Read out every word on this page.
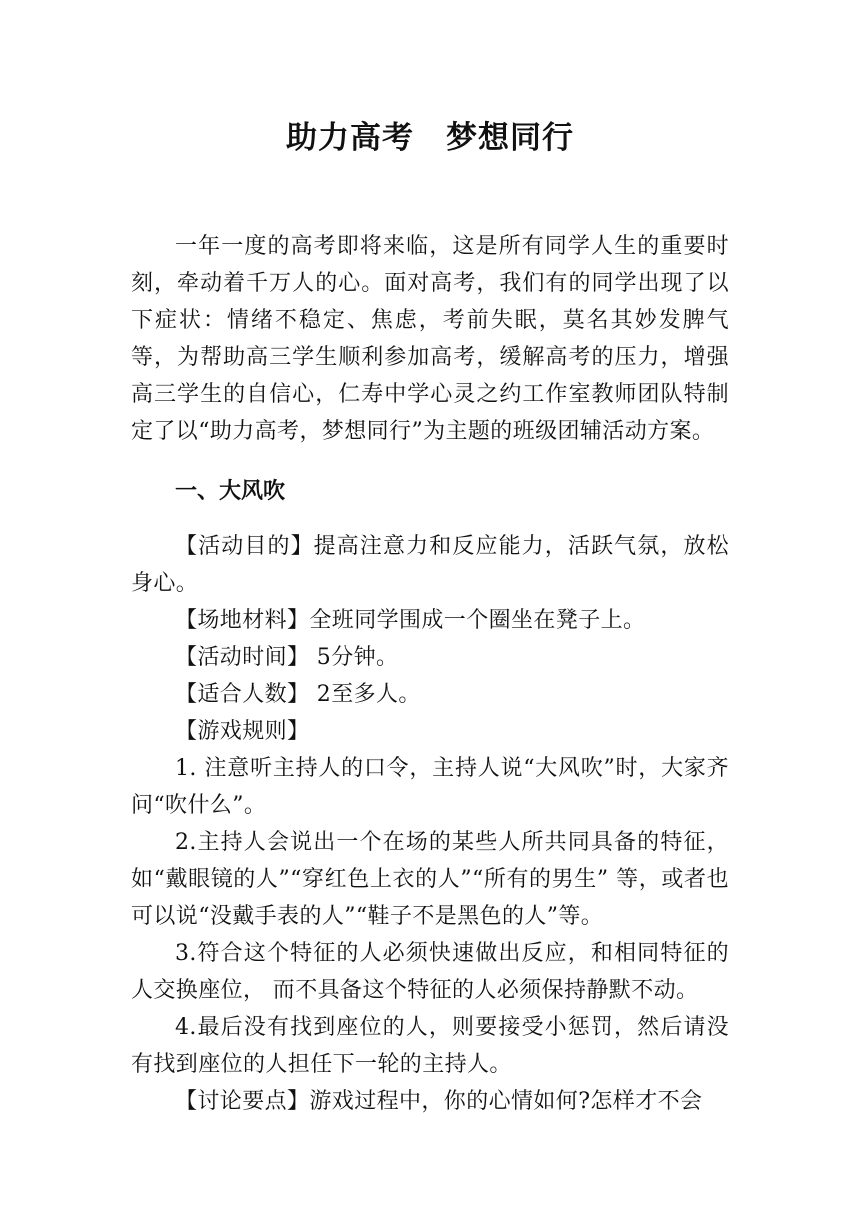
助力高考　梦想同行

一年一度的高考即将来临，这是所有同学人生的重要时刻，牵动着千万人的心。面对高考，我们有的同学出现了以下症状：情绪不稳定、焦虑，考前失眠，莫名其妙发脾气等，为帮助高三学生顺利参加高考，缓解高考的压力，增强高三学生的自信心，仁寿中学心灵之约工作室教师团队特制定了以“助力高考，梦想同行”为主题的班级团辅活动方案。

一、大风吹

【活动目的】提高注意力和反应能力，活跃气氛，放松身心。

【场地材料】全班同学围成一个圈坐在凳子上。

【活动时间】 5分钟。

【适合人数】 2至多人。

【游戏规则】

1. 注意听主持人的口令，主持人说“大风吹”时，大家齐问“吹什么”。

2.主持人会说出一个在场的某些人所共同具备的特征，如“戴眼镜的人”“穿红色上衣的人”“所有的男生” 等，或者也可以说“没戴手表的人”“鞋子不是黑色的人”等。

3.符合这个特征的人必须快速做出反应，和相同特征的人交换座位， 而不具备这个特征的人必须保持静默不动。

4.最后没有找到座位的人，则要接受小惩罚，然后请没有找到座位的人担任下一轮的主持人。

【讨论要点】游戏过程中，你的心情如何?怎样才不会
